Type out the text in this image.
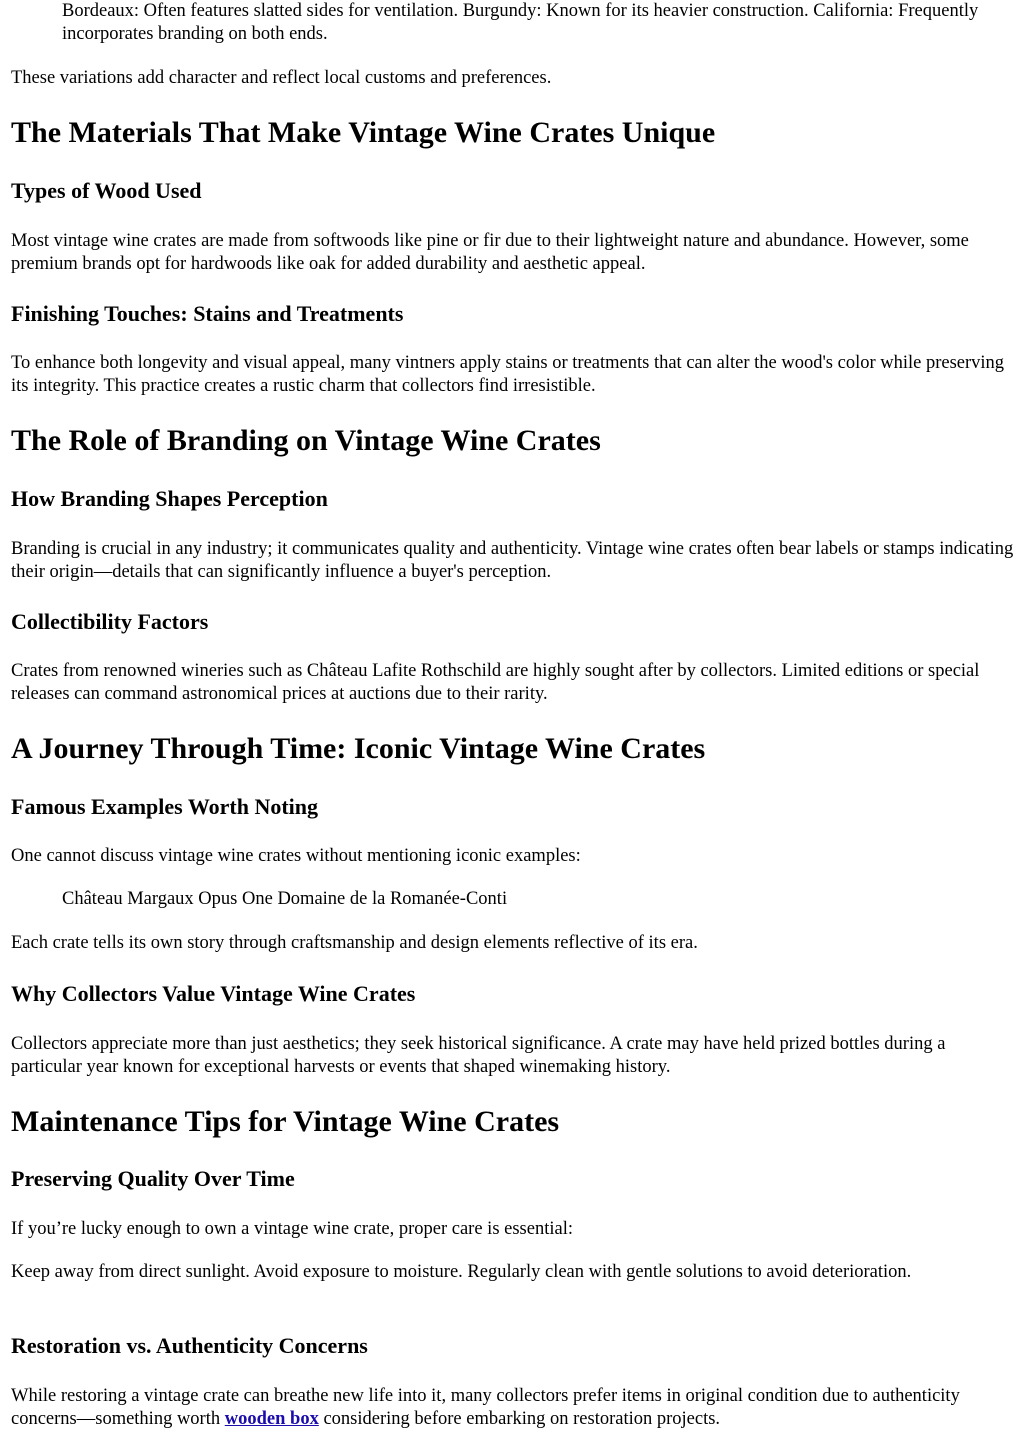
Bordeaux: Often features slatted sides for ventilation. Burgundy: Known for its heavier construction. California: Frequently incorporates branding on both ends.

These variations add character and reflect local customs and preferences.

The Materials That Make Vintage Wine Crates Unique
Types of Wood Used

Most vintage wine crates are made from softwoods like pine or fir due to their lightweight nature and abundance. However, some premium brands opt for hardwoods like oak for added durability and aesthetic appeal.

Finishing Touches: Stains and Treatments

To enhance both longevity and visual appeal, many vintners apply stains or treatments that can alter the wood's color while preserving its integrity. This practice creates a rustic charm that collectors find irresistible.

The Role of Branding on Vintage Wine Crates
How Branding Shapes Perception

Branding is crucial in any industry; it communicates quality and authenticity. Vintage wine crates often bear labels or stamps indicating their origin—details that can significantly influence a buyer's perception.

Collectibility Factors

Crates from renowned wineries such as Château Lafite Rothschild are highly sought after by collectors. Limited editions or special releases can command astronomical prices at auctions due to their rarity.

A Journey Through Time: Iconic Vintage Wine Crates
Famous Examples Worth Noting

One cannot discuss vintage wine crates without mentioning iconic examples:

Château Margaux Opus One Domaine de la Romanée-Conti

Each crate tells its own story through craftsmanship and design elements reflective of its era.

Why Collectors Value Vintage Wine Crates

Collectors appreciate more than just aesthetics; they seek historical significance. A crate may have held prized bottles during a particular year known for exceptional harvests or events that shaped winemaking history.

Maintenance Tips for Vintage Wine Crates
Preserving Quality Over Time

If you’re lucky enough to own a vintage wine crate, proper care is essential:

Keep away from direct sunlight. Avoid exposure to moisture. Regularly clean with gentle solutions to avoid deterioration.

Restoration vs. Authenticity Concerns

While restoring a vintage crate can breathe new life into it, many collectors prefer items in original condition due to authenticity concerns—something worth wooden box considering before embarking on restoration projects.
